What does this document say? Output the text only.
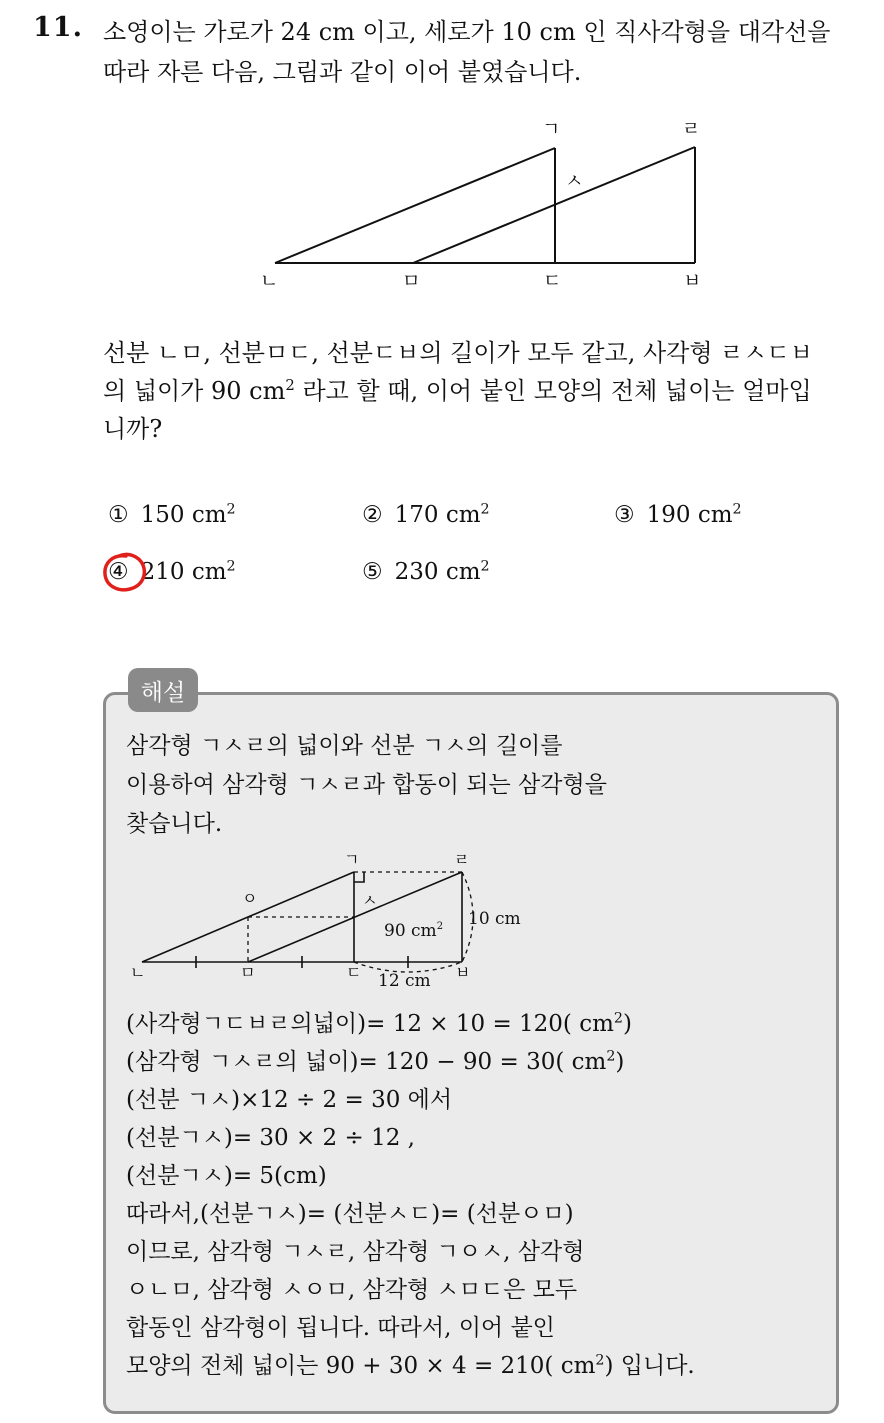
11. 소영이는 가로가 24 cm 이고, 세로가 10 cm 인 직사각형을 대각선을

따라 자른 다음, 그림과 같이 이어 붙였습니다.

ㄱ	ㄹ
ㅅ
ㄴ	ㅁ	ㄷ	ㅂ

선분 ㄴㅁ, 선분ㅁㄷ, 선분ㄷㅂ의 길이가 모두 같고, 사각형 ㄹㅅㄷㅂ

의 넓이가 90 $cm^2$ 라고 할 때, 이어 붙인 모양의 전체 넓이는 얼마입

니까?

① 150 $cm^2$	② 170 $cm^2$	③ 190 $cm^2$
④ 210 $cm^2$	⑤ 230 $cm^2$
해설

삼각형 ㄱㅅㄹ의 넓이와 선분 ㄱㅅ의 길이를

이용하여 삼각형 ㄱㅅㄹ과 합동이 되는 삼각형을

찾습니다.

ㄱ	ㄹ
ㅇ	ㅅ
ㄴ	ㅁ	ㄷ	ㅂ
90 $cm^2$ 10 cm
12 cm

(사각형ㄱㄷㅂㄹ의넓이)= 12 × 10 = 120( $cm^2$)

(삼각형 ㄱㅅㄹ의 넓이)= 120 − 90 = 30( $cm^2$)

(선분 ㄱㅅ)×12 ÷ 2 = 30 에서

(선분ㄱㅅ)= 30 × 2 ÷ 12 ,

(선분ㄱㅅ)= 5(cm)

따라서,(선분ㄱㅅ)= (선분ㅅㄷ)= (선분ㅇㅁ)

이므로, 삼각형 ㄱㅅㄹ, 삼각형 ㄱㅇㅅ, 삼각형

ㅇㄴㅁ, 삼각형 ㅅㅇㅁ, 삼각형 ㅅㅁㄷ은 모두

합동인 삼각형이 됩니다. 따라서, 이어 붙인

모양의 전체 넓이는 90 + 30 × 4 = 210( $cm^2$) 입니다.
